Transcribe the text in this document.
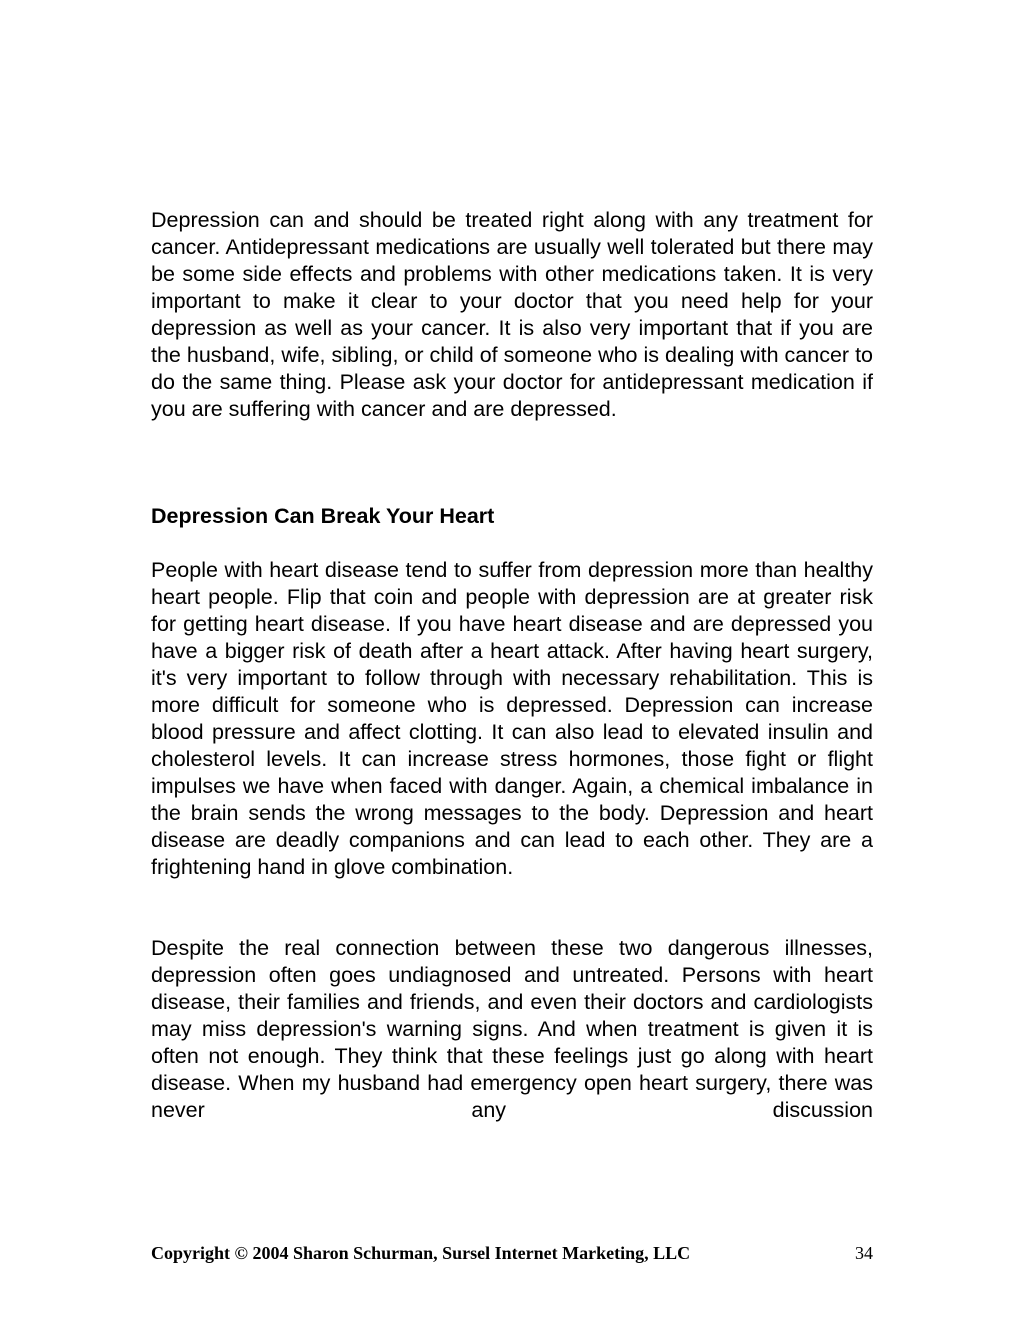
Depression can and should be treated right along with any treatment for cancer. Antidepressant medications are usually well tolerated but there may be some side effects and problems with other medications taken. It is very important to make it clear to your doctor that you need help for your depression as well as your cancer. It is also very important that if you are the husband, wife, sibling, or child of someone who is dealing with cancer to do the same thing. Please ask your doctor for antidepressant medication if you are suffering with cancer and are depressed.

Depression Can Break Your Heart

People with heart disease tend to suffer from depression more than healthy heart people. Flip that coin and people with depression are at greater risk for getting heart disease. If you have heart disease and are depressed you have a bigger risk of death after a heart attack. After having heart surgery, it's very important to follow through with necessary rehabilitation. This is more difficult for someone who is depressed. Depression can increase blood pressure and affect clotting. It can also lead to elevated insulin and cholesterol levels. It can increase stress hormones, those fight or flight impulses we have when faced with danger. Again, a chemical imbalance in the brain sends the wrong messages to the body. Depression and heart disease are deadly companions and can lead to each other. They are a frightening hand in glove combination.

Despite the real connection between these two dangerous illnesses, depression often goes undiagnosed and untreated. Persons with heart disease, their families and friends, and even their doctors and cardiologists may miss depression's warning signs. And when treatment is given it is often not enough. They think that these feelings just go along with heart disease. When my husband had emergency open heart surgery, there was never any discussion

Copyright © 2004 Sharon Schurman, Sursel Internet Marketing, LLC	34
